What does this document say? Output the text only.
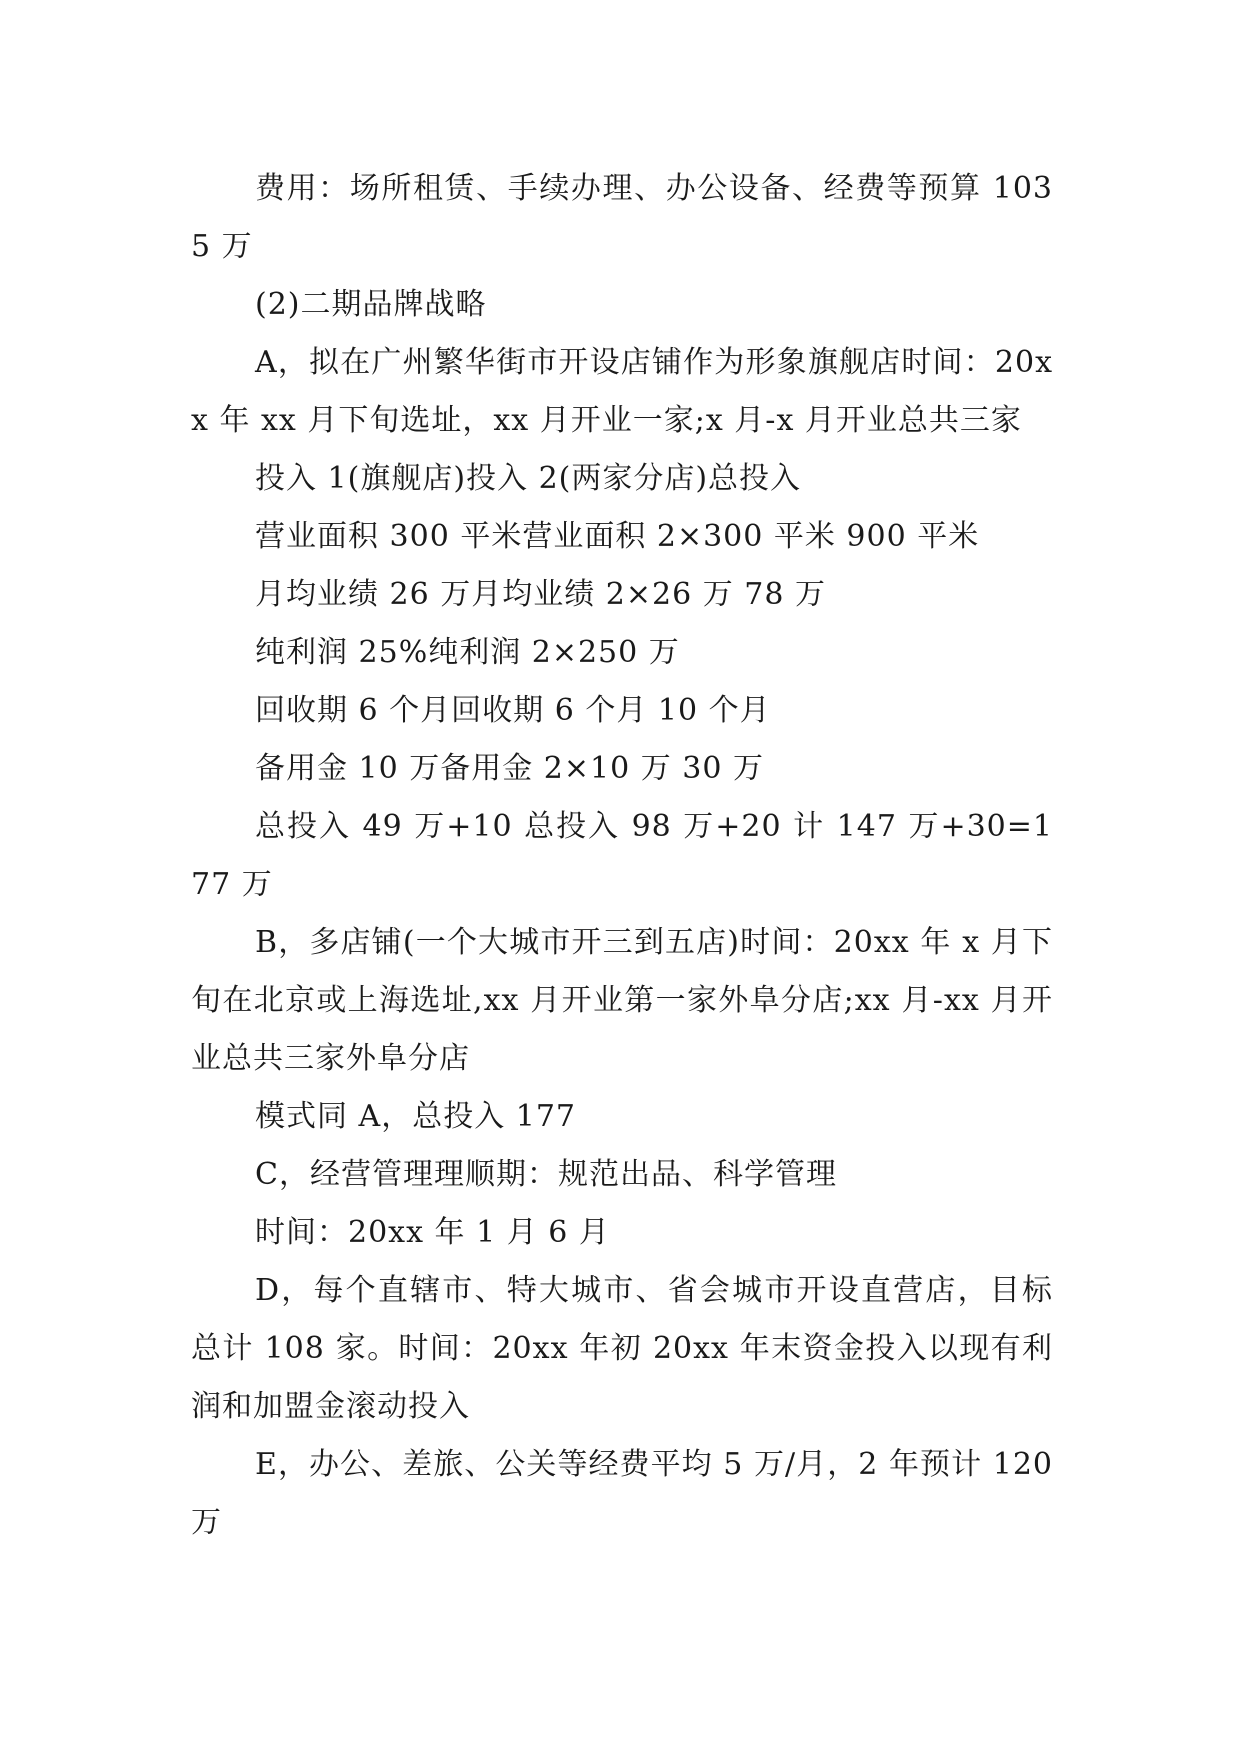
费用：场所租赁、手续办理、办公设备、经费等预算 1035 万

(2)二期品牌战略

A，拟在广州繁华街市开设店铺作为形象旗舰店时间：20xx 年 xx 月下旬选址，xx 月开业一家;x 月-x 月开业总共三家

投入 1(旗舰店)投入 2(两家分店)总投入

营业面积 300 平米营业面积 2×300 平米 900 平米

月均业绩 26 万月均业绩 2×26 万 78 万

纯利润 25%纯利润 2×250 万

回收期 6 个月回收期 6 个月 10 个月

备用金 10 万备用金 2×10 万 30 万

总投入 49 万+10 总投入 98 万+20 计 147 万+30=177 万

B，多店铺(一个大城市开三到五店)时间：20xx 年 x 月下旬在北京或上海选址,xx 月开业第一家外阜分店;xx 月-xx 月开业总共三家外阜分店

模式同 A，总投入 177

C，经营管理理顺期：规范出品、科学管理

时间：20xx 年 1 月 6 月

D，每个直辖市、特大城市、省会城市开设直营店，目标总计 108 家。时间：20xx 年初 20xx 年末资金投入以现有利润和加盟金滚动投入

E，办公、差旅、公关等经费平均 5 万/月，2 年预计 120 万
